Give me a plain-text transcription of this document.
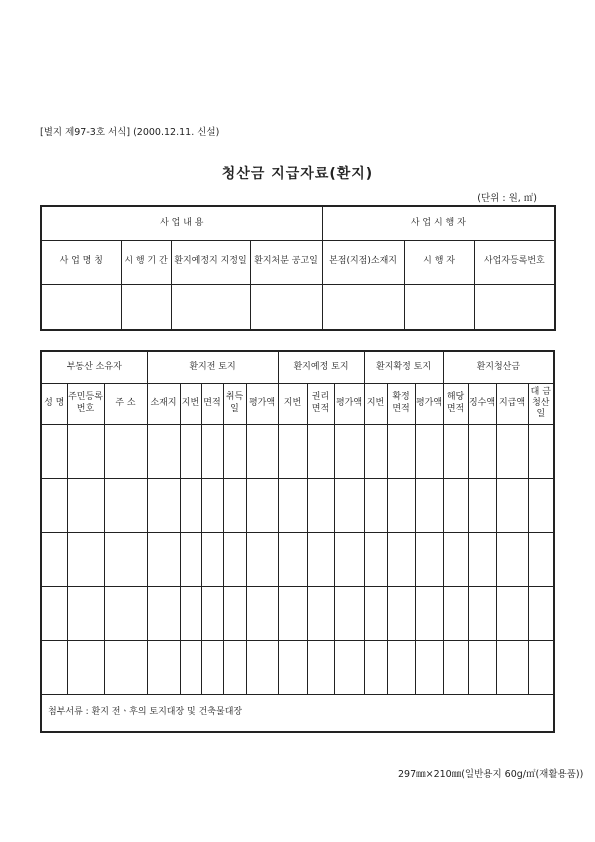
[별지 제97-3호 서식] (2000.12.11. 신설)
청산금 지급자료(환지)
(단위 : 원, ㎡)
사 업 내 용				사 업 시 행 자		
사 업 명 칭	시 행 기 간	환지예정지 지정일	환지처분 공고일	본점(지점)소재지	시 행 자	사업자등록번호

부동산 소유자			환지전 토지					환지예정 토지			환지확정 토지			환지청산금			
성 명	주민등록 번호	주 소	소재지	지번	면적	취득 일	평가액	지번	권리 면적	평가액	지번	확정 면적	평가액	해당 면적	징수액	지급액	대 금 청산일

첨부서류 : 환지 전ㆍ후의 토지대장 및 건축물대장																	
297㎜×210㎜(일반용지 60g/㎡(재활용품))
